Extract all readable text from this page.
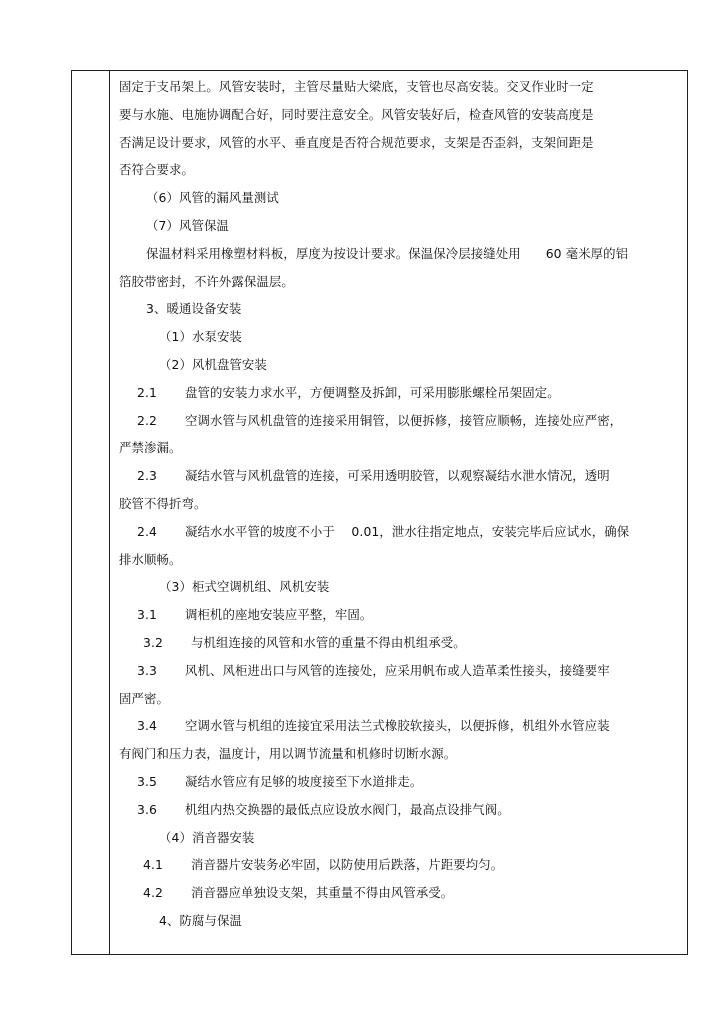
固定于支吊架上。风管安装时，主管尽量贴大梁底，支管也尽高安装。交叉作业时一定
要与水施、电施协调配合好，同时要注意安全。风管安装好后，检查风管的安装高度是
否满足设计要求，风管的水平、垂直度是否符合规范要求，支架是否歪斜，支架间距是
否符合要求。
（6）风管的漏风量测试
（7）风管保温
保温材料采用橡塑材料板，厚度为按设计要求。保温保冷层接缝处用　　60 毫米厚的铝
箔胶带密封，不许外露保温层。
3、暖通设备安装
（1）水泵安装
（2）风机盘管安装
2.1 盘管的安装力求水平，方便调整及拆卸，可采用膨胀螺栓吊架固定。
2.2 空调水管与风机盘管的连接采用铜管，以便拆修，接管应顺畅，连接处应严密，
严禁渗漏。
2.3 凝结水管与风机盘管的连接，可采用透明胶管，以观察凝结水泄水情况，透明
胶管不得折弯。
2.4 凝结水水平管的坡度不小于　 0.01，泄水往指定地点，安装完毕后应试水，确保
排水顺畅。
（3）柜式空调机组、风机安装
3.1 调柜机的座地安装应平整，牢固。
3.2 与机组连接的风管和水管的重量不得由机组承受。
3.3 风机、风柜进出口与风管的连接处，应采用帆布或人造革柔性接头，接缝要牢
固严密。
3.4 空调水管与机组的连接宜采用法兰式橡胶软接头，以便拆修，机组外水管应装
有阀门和压力表，温度计，用以调节流量和机修时切断水源。
3.5 凝结水管应有足够的坡度接至下水道排走。
3.6 机组内热交换器的最低点应设放水阀门，最高点设排气阀。
（4）消音器安装
4.1 消音器片安装务必牢固，以防使用后跌落，片距要均匀。
4.2 消音器应单独设支架，其重量不得由风管承受。
4、防腐与保温
